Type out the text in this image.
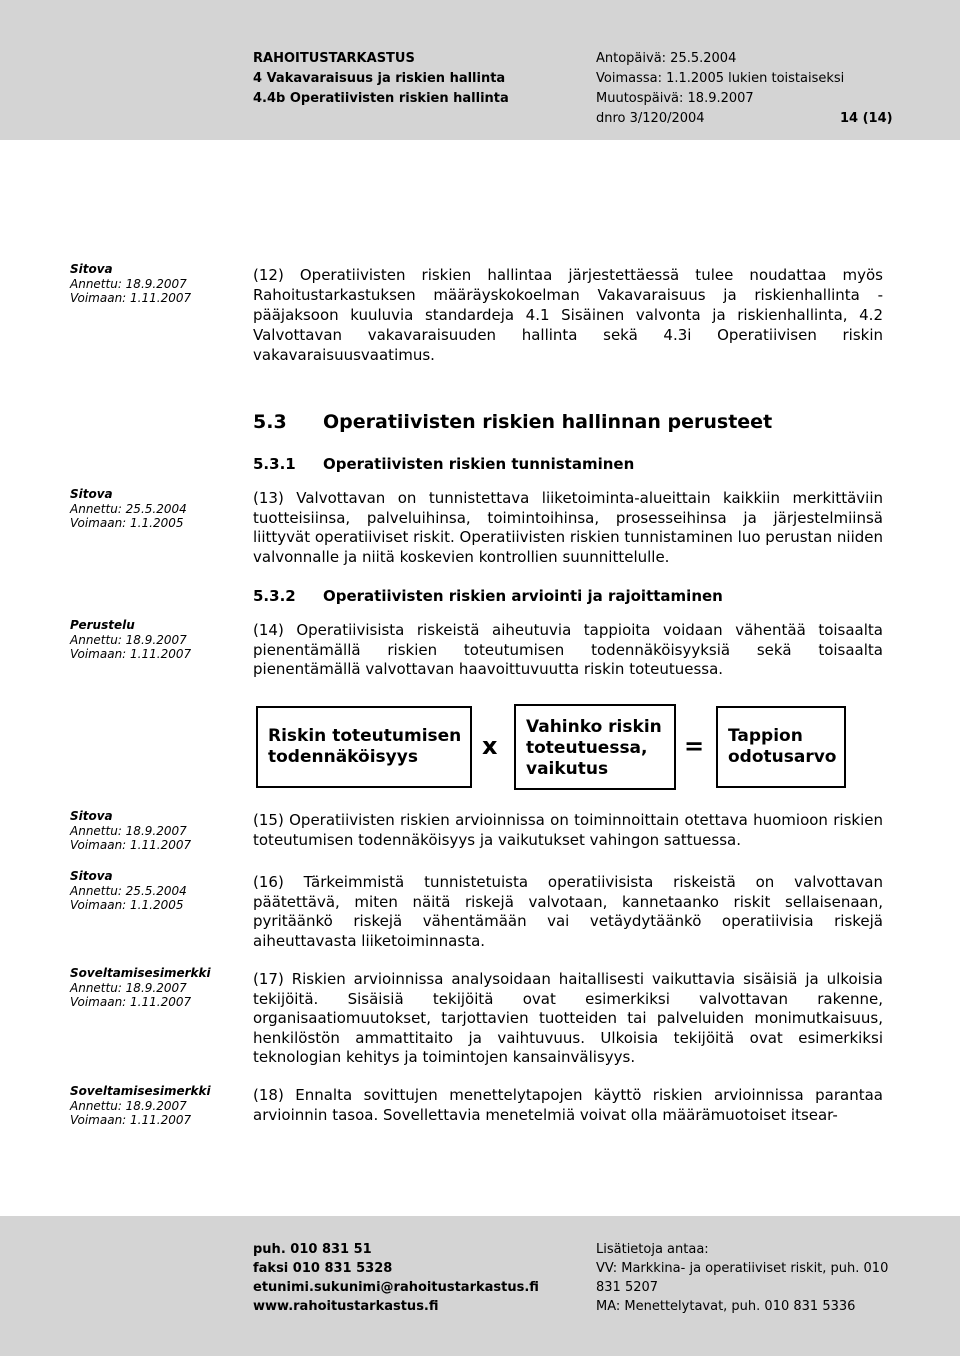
RAHOITUSTARKASTUS
4 Vakavaraisuus ja riskien hallinta
4.4b Operatiivisten riskien hallinta
Antopäivä: 25.5.2004
Voimassa: 1.1.2005 lukien toistaiseksi
Muutospäivä: 18.9.2007
dnro 3/120/2004	14 (14)
Sitova
Annettu: 18.9.2007
Voimaan: 1.11.2007
Sitova
Annettu: 25.5.2004
Voimaan: 1.1.2005
Perustelu
Annettu: 18.9.2007
Voimaan: 1.11.2007
Sitova
Annettu: 18.9.2007
Voimaan: 1.11.2007
Sitova
Annettu: 25.5.2004
Voimaan: 1.1.2005
Soveltamisesimerkki
Annettu: 18.9.2007
Voimaan: 1.11.2007
Soveltamisesimerkki
Annettu: 18.9.2007
Voimaan: 1.11.2007
(12) Operatiivisten riskien hallintaa järjestettäessä tulee noudattaa myös Rahoitustarkastuksen määräyskokoelman Vakavaraisuus ja riskienhallinta -pääjaksoon kuuluvia standardeja 4.1 Sisäinen valvonta ja riskienhallinta, 4.2 Valvottavan vakavaraisuuden hallinta sekä 4.3i Operatiivisen riskin vakavaraisuusvaatimus.
5.3 Operatiivisten riskien hallinnan perusteet
5.3.1 Operatiivisten riskien tunnistaminen
(13) Valvottavan on tunnistettava liiketoiminta-alueittain kaikkiin merkittäviin tuotteisiinsa, palveluihinsa, toimintoihinsa, prosesseihinsa ja järjestelmiinsä liittyvät operatiiviset riskit. Operatiivisten riskien tunnistaminen luo perustan niiden valvonnalle ja niitä koskevien kontrollien suunnittelulle.
5.3.2 Operatiivisten riskien arviointi ja rajoittaminen
(14) Operatiivisista riskeistä aiheutuvia tappioita voidaan vähentää toisaalta pienentämällä riskien toteutumisen todennäköisyyksiä sekä toisaalta pienentämällä valvottavan haavoittuvuutta riskin toteutuessa.
Riskin toteutumisen
todennäköisyys	x
Vahinko riskin
toteutuessa,
vaikutus
= Tappion
odotusarvo
(15) Operatiivisten riskien arvioinnissa on toiminnoittain otettava huomioon riskien toteutumisen todennäköisyys ja vaikutukset vahingon sattuessa.
(16) Tärkeimmistä tunnistetuista operatiivisista riskeistä on valvottavan päätettävä, miten näitä riskejä valvotaan, kannetaanko riskit sellaisenaan, pyritäänkö riskejä vähentämään vai vetäydytäänkö operatiivisia riskejä aiheuttavasta liiketoiminnasta.
(17) Riskien arvioinnissa analysoidaan haitallisesti vaikuttavia sisäisiä ja ulkoisia tekijöitä. Sisäisiä tekijöitä ovat esimerkiksi valvottavan rakenne, organisaatiomuutokset, tarjottavien tuotteiden tai palveluiden monimutkaisuus, henkilöstön ammattitaito ja vaihtuvuus. Ulkoisia tekijöitä ovat esimerkiksi teknologian kehitys ja toimintojen kansainvälisyys.
(18) Ennalta sovittujen menettelytapojen käyttö riskien arvioinnissa parantaa arvioinnin tasoa. Sovellettavia menetelmiä voivat olla määrämuotoiset itsear-
puh. 010 831 51
faksi 010 831 5328
etunimi.sukunimi@rahoitustarkastus.fi
www.rahoitustarkastus.fi
Lisätietoja antaa:
VV: Markkina- ja operatiiviset riskit, puh. 010 831 5207
MA: Menettelytavat, puh. 010 831 5336
